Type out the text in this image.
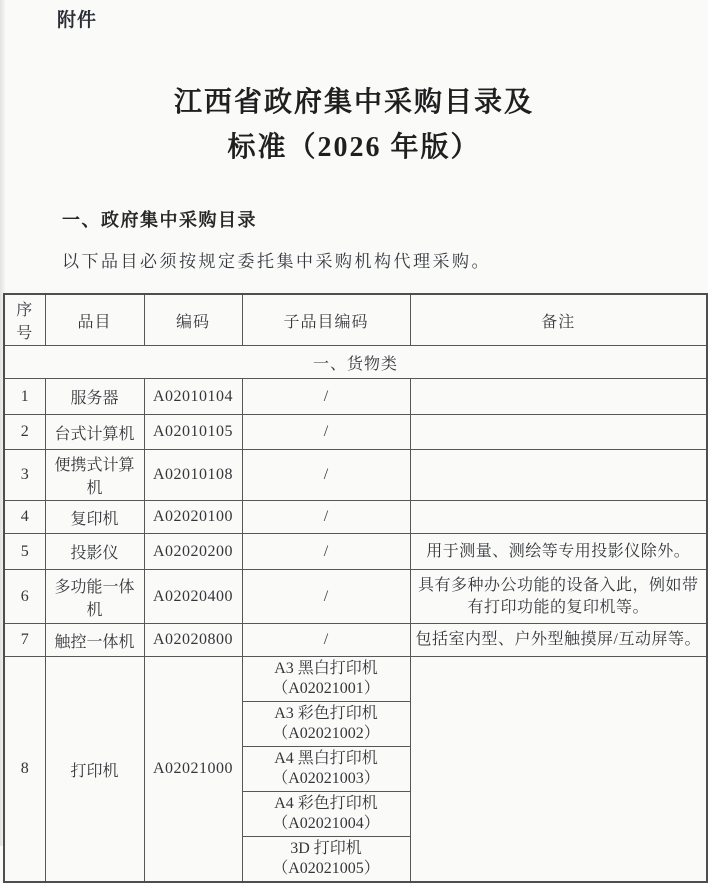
附件
江西省政府集中采购目录及
标准（2026 年版）
一、政府集中采购目录
以下品目必须按规定委托集中采购机构代理采购。
序号	品目	编码	子品目编码	备注
一、货物类				
1	服务器	A02010104	/	
2	台式计算机	A02010105	/	
3	便携式计算机	A02010108	/	
4	复印机	A02020100	/	
5	投影仪	A02020200	/	用于测量、测绘等专用投影仪除外。
6	多功能一体机	A02020400	/	具有多种办公功能的设备入此，例如带有打印功能的复印机等。
7	触控一体机	A02020800	/	包括室内型、户外型触摸屏/互动屏等。
8	打印机	A02021000	A3 黑白打印机
（A02021001）	

			A3 彩色打印机
（A02021002）	

			A4 黑白打印机
（A02021003）	

			A4 彩色打印机
（A02021004）	

			3D 打印机
（A02021005）	
